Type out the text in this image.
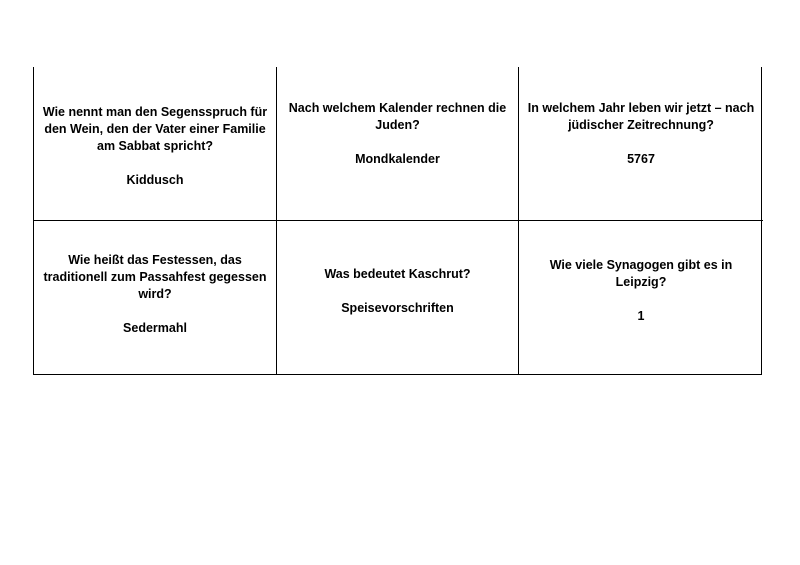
Wie nennt man den Segensspruch für den Wein, den der Vater einer Familie am Sabbat spricht?
Kiddusch
Nach welchem Kalender rechnen die Juden?
Mondkalender
In welchem Jahr leben wir jetzt – nach jüdischer Zeitrechnung?
5767
Wie heißt das Festessen, das traditionell zum Passahfest gegessen wird?
Sedermahl
Was bedeutet Kaschrut?
Speisevorschriften
Wie viele Synagogen gibt es in Leipzig?
1
